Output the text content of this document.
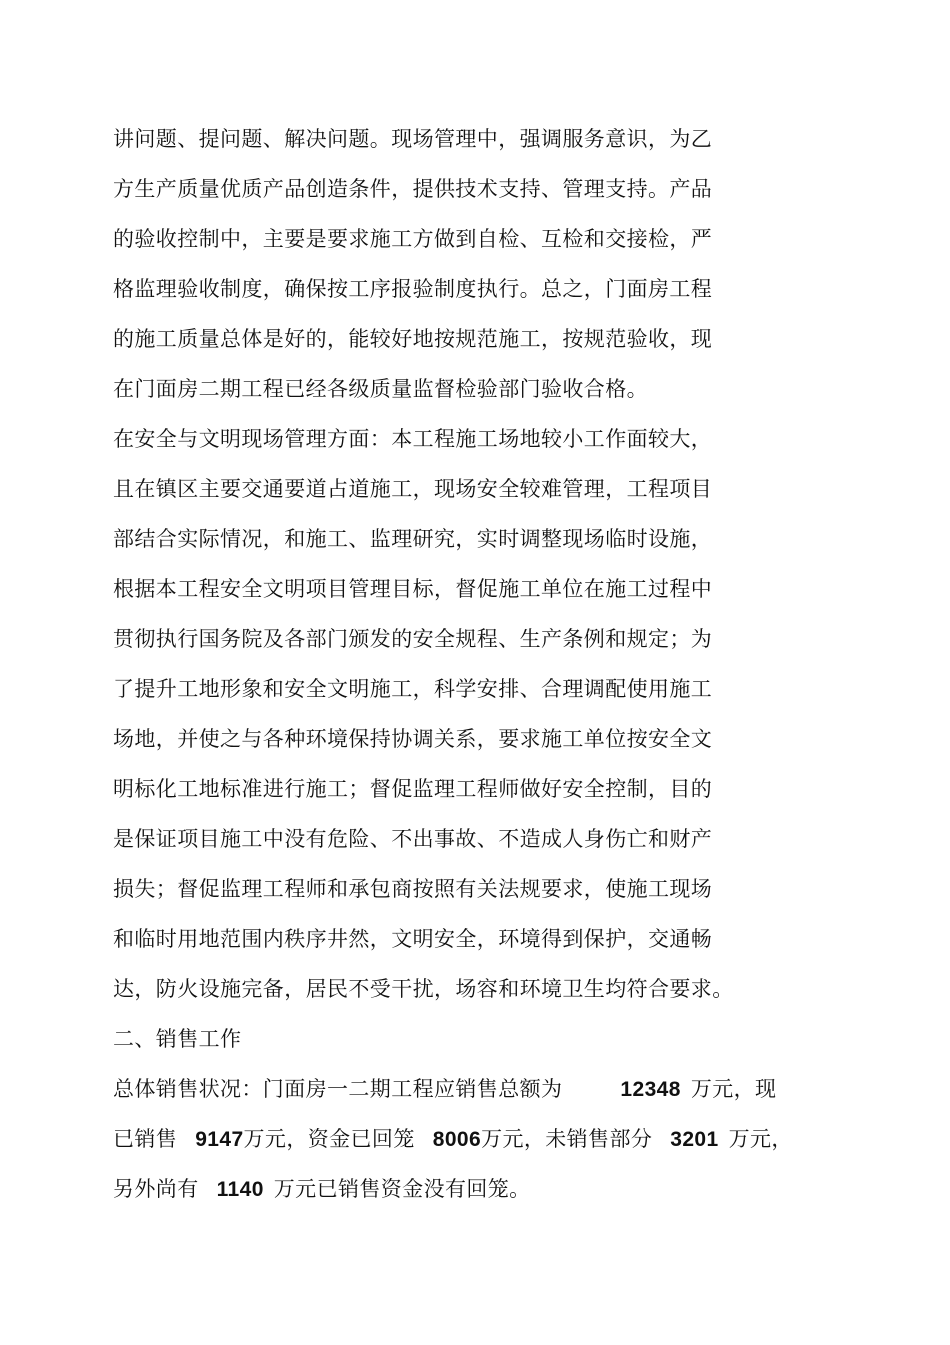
讲问题、提问题、解决问题。现场管理中，强调服务意识，为乙
方生产质量优质产品创造条件，提供技术支持、管理支持。产品
的验收控制中，主要是要求施工方做到自检、互检和交接检，严
格监理验收制度，确保按工序报验制度执行。总之，门面房工程
的施工质量总体是好的，能较好地按规范施工，按规范验收，现
在门面房二期工程已经各级质量监督检验部门验收合格。
在安全与文明现场管理方面：本工程施工场地较小工作面较大，
且在镇区主要交通要道占道施工，现场安全较难管理，工程项目
部结合实际情况，和施工、监理研究，实时调整现场临时设施，
根据本工程安全文明项目管理目标，督促施工单位在施工过程中
贯彻执行国务院及各部门颁发的安全规程、生产条例和规定；为
了提升工地形象和安全文明施工，科学安排、合理调配使用施工
场地，并使之与各种环境保持协调关系，要求施工单位按安全文
明标化工地标准进行施工；督促监理工程师做好安全控制，目的
是保证项目施工中没有危险、不出事故、不造成人身伤亡和财产
损失；督促监理工程师和承包商按照有关法规要求，使施工现场
和临时用地范围内秩序井然，文明安全，环境得到保护，交通畅
达，防火设施完备，居民不受干扰，场容和环境卫生均符合要求。
二、销售工作
总体销售状况：门面房一二期工程应销售总额为	12348 万元，现
已销售 9147万元，资金已回笼 8006万元，未销售部分 3201 万元，
另外尚有 1140 万元已销售资金没有回笼。
